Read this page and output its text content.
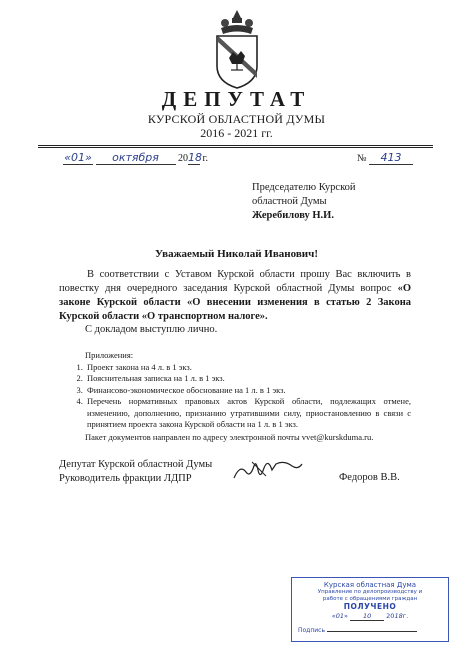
ДЕПУТАТ
КУРСКОЙ ОБЛАСТНОЙ ДУМЫ
2016 - 2021 гг.
«01» октября 2018 г.	№ 413
Председателю Курской
областной Думы
Жеребилову Н.И.
Уважаемый Николай Иванович!
В соответствии с Уставом Курской области прошу Вас включить в повестку дня очередного заседания Курской областной Думы вопрос «О законе Курской области «О внесении изменения в статью 2 Закона Курской области «О транспортном налоге».
С докладом выступлю лично.
Приложения:
1. Проект закона на 4 л. в 1 экз.
2. Пояснительная записка на 1 л. в 1 экз.
3. Финансово-экономическое обоснование на 1 л. в 1 экз.
4. Перечень нормативных правовых актов Курской области, подлежащих отмене, изменению, дополнению, признанию утратившими силу, приостановлению в связи с принятием проекта закона Курской области на 1 л. в 1 экз.
Пакет документов направлен по адресу электронной почты vvet@kurskduma.ru.
Депутат Курской областной Думы
Руководитель фракции ЛДПР	Федоров В.В.
Курская областная Дума
Управление по делопроизводству и
работе с обращениями граждан
ПОЛУЧЕНО
«01» 10 2018г.
Подпись
